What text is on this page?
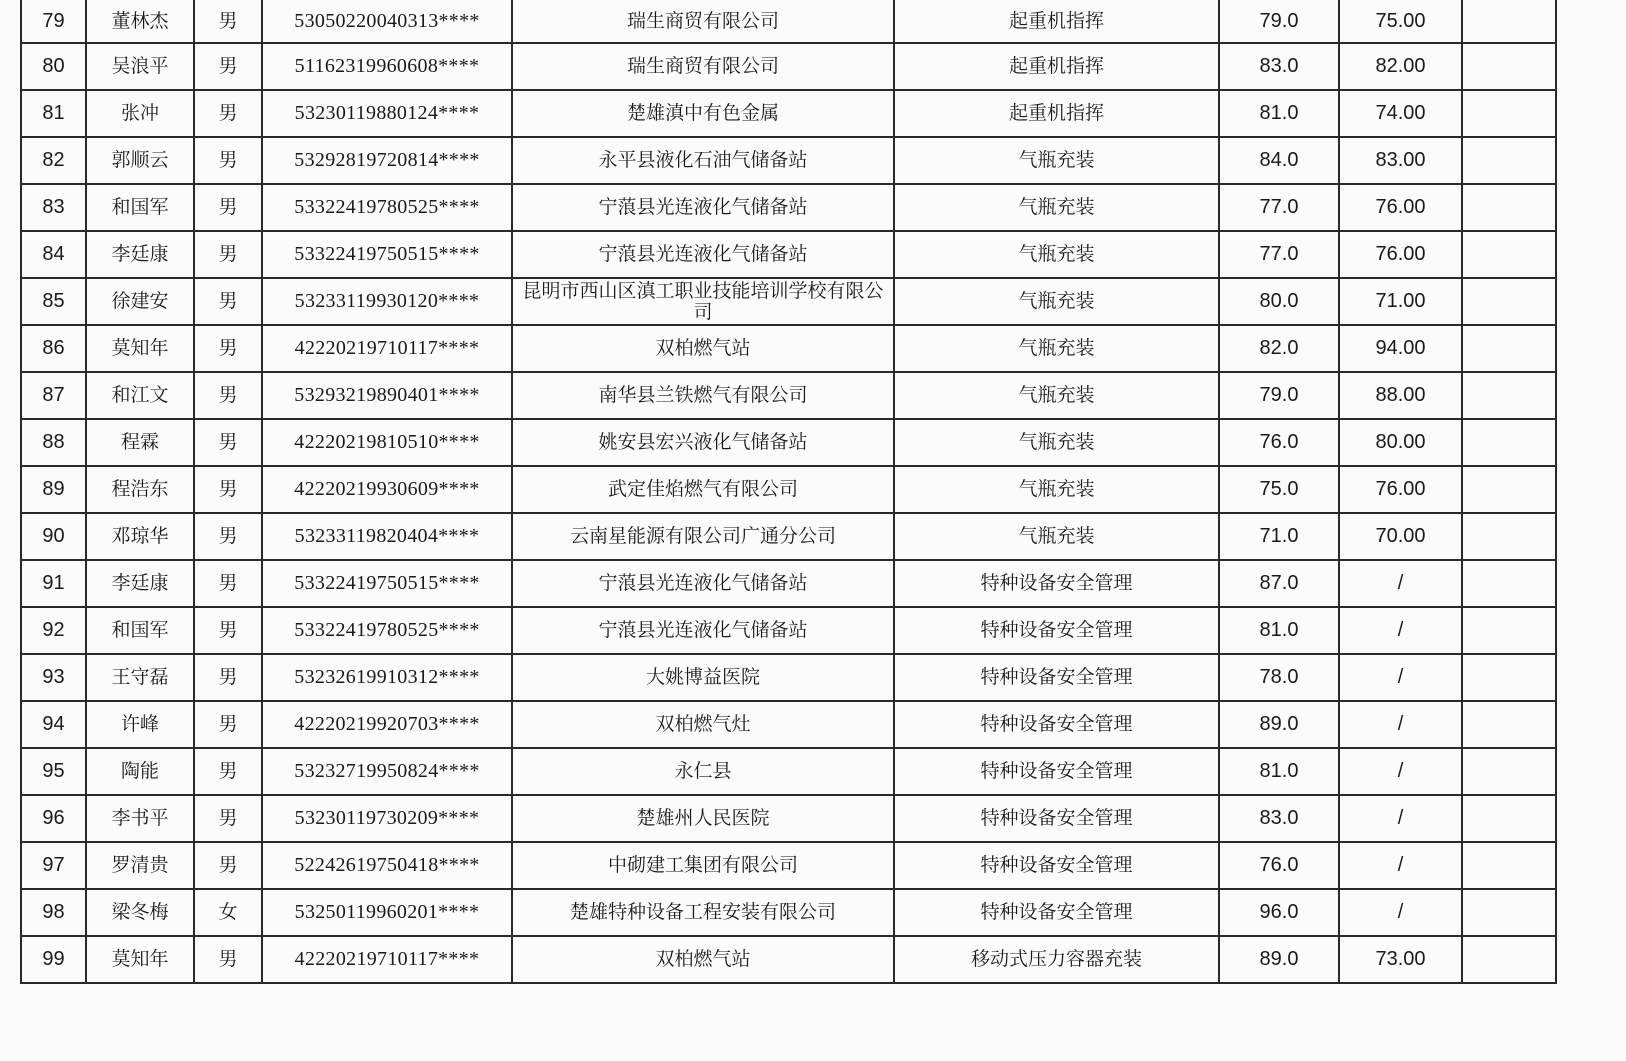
79	董林杰	男	53050220040313****	瑞生商贸有限公司	起重机指挥	79.0	75.00	
80	吴浪平	男	51162319960608****	瑞生商贸有限公司	起重机指挥	83.0	82.00	
81	张冲	男	53230119880124****	楚雄滇中有色金属	起重机指挥	81.0	74.00	
82	郭顺云	男	53292819720814****	永平县液化石油气储备站	气瓶充装	84.0	83.00	
83	和国军	男	53322419780525****	宁蒗县光连液化气储备站	气瓶充装	77.0	76.00	
84	李廷康	男	53322419750515****	宁蒗县光连液化气储备站	气瓶充装	77.0	76.00	
85	徐建安	男	53233119930120****	昆明市西山区滇工职业技能培训学校有限公司	气瓶充装	80.0	71.00	
86	莫知年	男	42220219710117****	双柏燃气站	气瓶充装	82.0	94.00	
87	和江文	男	53293219890401****	南华县兰铁燃气有限公司	气瓶充装	79.0	88.00	
88	程霖	男	42220219810510****	姚安县宏兴液化气储备站	气瓶充装	76.0	80.00	
89	程浩东	男	42220219930609****	武定佳焰燃气有限公司	气瓶充装	75.0	76.00	
90	邓琼华	男	53233119820404****	云南星能源有限公司广通分公司	气瓶充装	71.0	70.00	
91	李廷康	男	53322419750515****	宁蒗县光连液化气储备站	特种设备安全管理	87.0	/	
92	和国军	男	53322419780525****	宁蒗县光连液化气储备站	特种设备安全管理	81.0	/	
93	王守磊	男	53232619910312****	大姚博益医院	特种设备安全管理	78.0	/	
94	许峰	男	42220219920703****	双柏燃气灶	特种设备安全管理	89.0	/	
95	陶能	男	53232719950824****	永仁县	特种设备安全管理	81.0	/	
96	李书平	男	53230119730209****	楚雄州人民医院	特种设备安全管理	83.0	/	
97	罗清贵	男	52242619750418****	中砌建工集团有限公司	特种设备安全管理	76.0	/	
98	梁冬梅	女	53250119960201****	楚雄特种设备工程安装有限公司	特种设备安全管理	96.0	/	
99	莫知年	男	42220219710117****	双柏燃气站	移动式压力容器充装	89.0	73.00	
